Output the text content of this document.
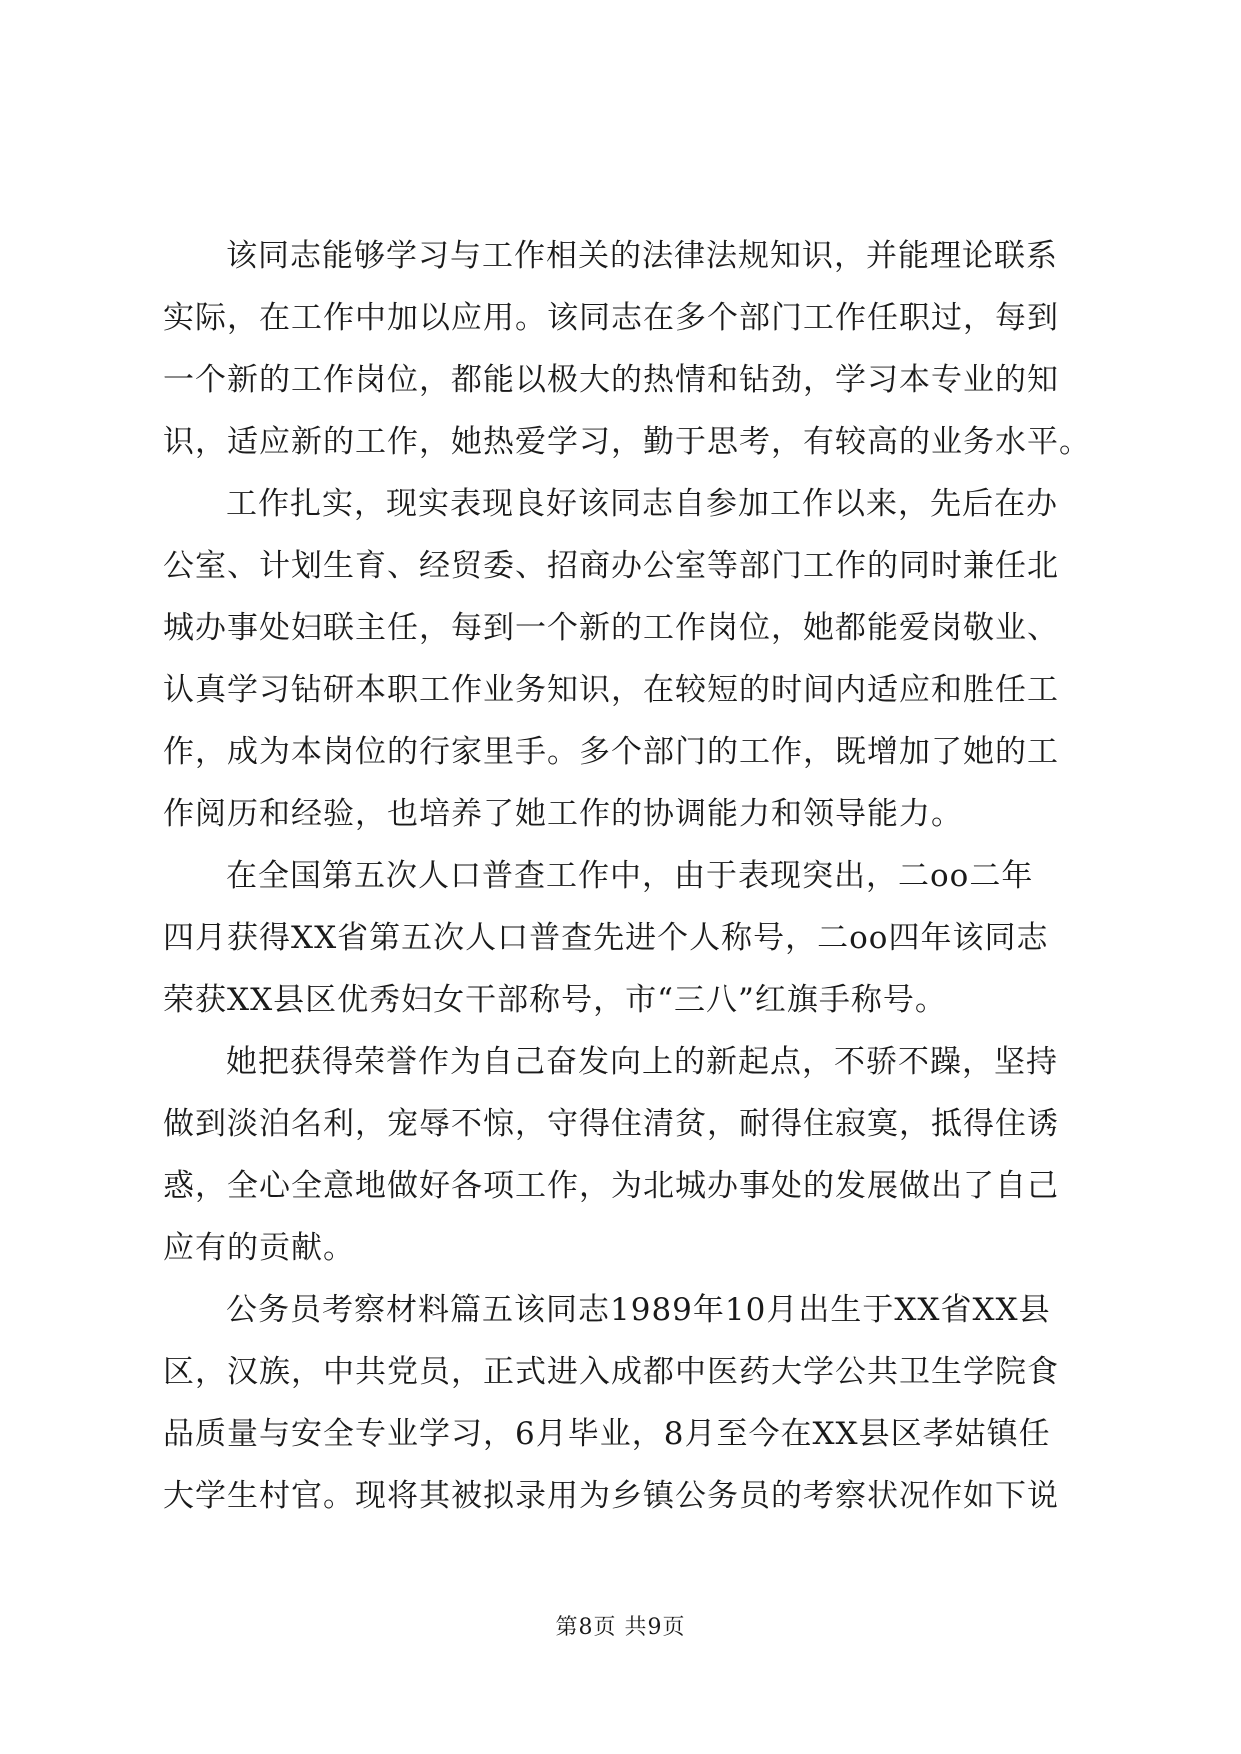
该同志能够学习与工作相关的法律法规知识，并能理论联系
实际，在工作中加以应用。该同志在多个部门工作任职过，每到
一个新的工作岗位，都能以极大的热情和钻劲，学习本专业的知
识，适应新的工作，她热爱学习，勤于思考，有较高的业务水平。

工作扎实，现实表现良好该同志自参加工作以来，先后在办
公室、计划生育、经贸委、招商办公室等部门工作的同时兼任北
城办事处妇联主任，每到一个新的工作岗位，她都能爱岗敬业、
认真学习钻研本职工作业务知识，在较短的时间内适应和胜任工
作，成为本岗位的行家里手。多个部门的工作，既增加了她的工
作阅历和经验，也培养了她工作的协调能力和领导能力。

在全国第五次人口普查工作中，由于表现突出，二oo二年
四月获得XX省第五次人口普查先进个人称号，二oo四年该同志
荣获XX县区优秀妇女干部称号，市“三八”红旗手称号。

她把获得荣誉作为自己奋发向上的新起点，不骄不躁，坚持
做到淡泊名利，宠辱不惊，守得住清贫，耐得住寂寞，抵得住诱
惑，全心全意地做好各项工作，为北城办事处的发展做出了自己
应有的贡献。

公务员考察材料篇五该同志1989年10月出生于XX省XX县
区，汉族，中共党员，正式进入成都中医药大学公共卫生学院食
品质量与安全专业学习，6月毕业，8月至今在XX县区孝姑镇任
大学生村官。现将其被拟录用为乡镇公务员的考察状况作如下说

第8页 共9页
